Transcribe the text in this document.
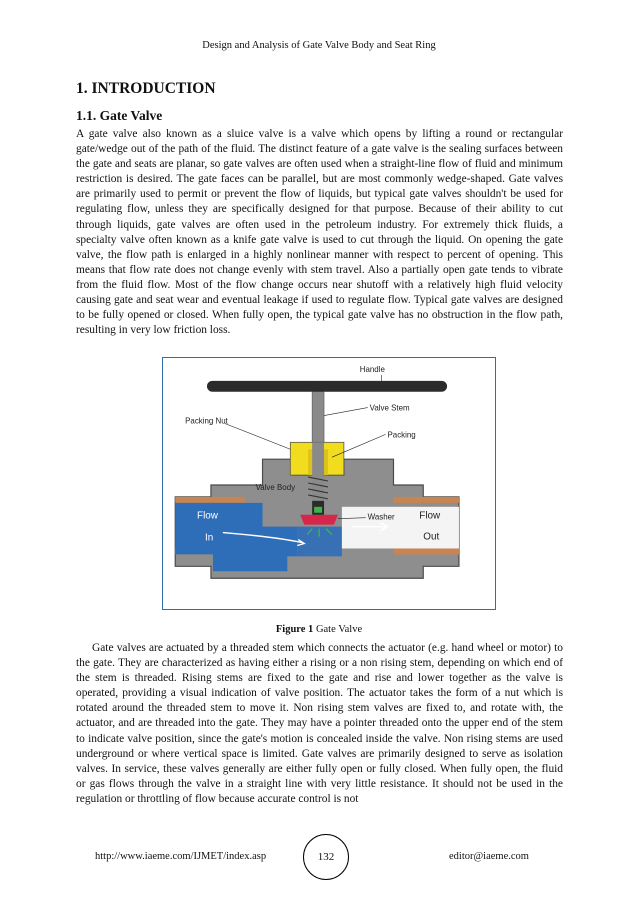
Design and Analysis of Gate Valve Body and Seat Ring
1. INTRODUCTION
1.1. Gate Valve

A gate valve also known as a sluice valve is a valve which opens by lifting a round or rectangular gate/wedge out of the path of the fluid. The distinct feature of a gate valve is the sealing surfaces between the gate and seats are planar, so gate valves are often used when a straight-line flow of fluid and minimum restriction is desired. The gate faces can be parallel, but are most commonly wedge-shaped. Gate valves are primarily used to permit or prevent the flow of liquids, but typical gate valves shouldn't be used for regulating flow, unless they are specifically designed for that purpose. Because of their ability to cut through liquids, gate valves are often used in the petroleum industry. For extremely thick fluids, a specialty valve often known as a knife gate valve is used to cut through the liquid. On opening the gate valve, the flow path is enlarged in a highly nonlinear manner with respect to percent of opening. This means that flow rate does not change evenly with stem travel. Also a partially open gate tends to vibrate from the fluid flow. Most of the flow change occurs near shutoff with a relatively high fluid velocity causing gate and seat wear and eventual leakage if used to regulate flow. Typical gate valves are designed to be fully opened or closed. When fully open, the typical gate valve has no obstruction in the flow path, resulting in very low friction loss.

Handle
Valve Stem
Packing Nut
Packing
Valve Body
Washer
Flow
In
Flow
Out
Figure 1 Gate Valve

Gate valves are actuated by a threaded stem which connects the actuator (e.g. hand wheel or motor) to the gate. They are characterized as having either a rising or a non rising stem, depending on which end of the stem is threaded. Rising stems are fixed to the gate and rise and lower together as the valve is operated, providing a visual indication of valve position. The actuator takes the form of a nut which is rotated around the threaded stem to move it. Non rising stem valves are fixed to, and rotate with, the actuator, and are threaded into the gate. They may have a pointer threaded onto the upper end of the stem to indicate valve position, since the gate's motion is concealed inside the valve. Non rising stems are used underground or where vertical space is limited. Gate valves are primarily designed to serve as isolation valves. In service, these valves generally are either fully open or fully closed. When fully open, the fluid or gas flows through the valve in a straight line with very little resistance. It should not be used in the regulation or throttling of flow because accurate control is not

http://www.iaeme.com/IJMET/index.asp	132	editor@iaeme.com
